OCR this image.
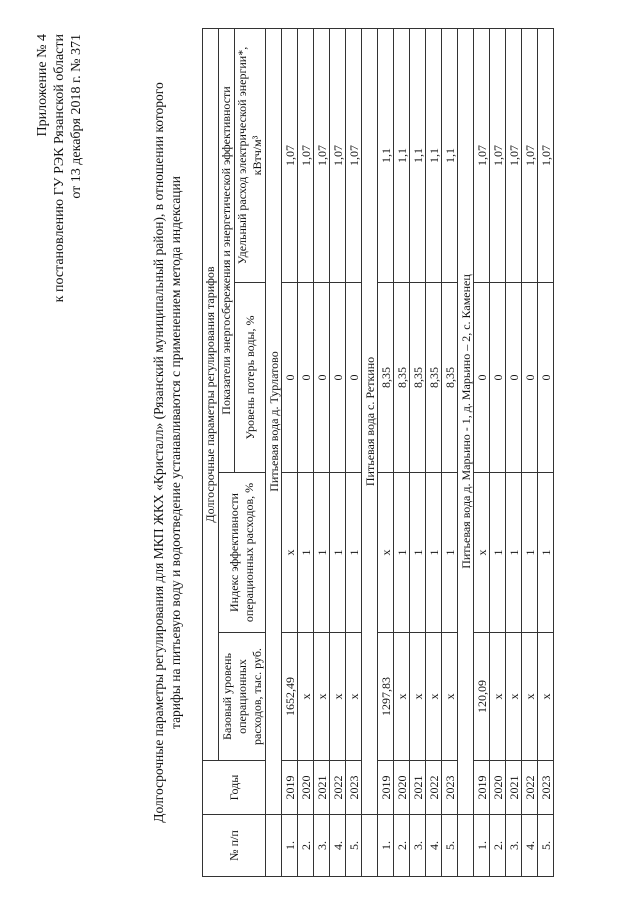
Приложение № 4 к постановлению ГУ РЭК Рязанской области от 13 декабря 2018 г. № 371	Долгосрочные параметры регулирования для МКП ЖКХ «Кристалл» (Рязанский муниципальный район), в отношении которого тарифы на питьевую воду и водоотведение устанавливаются с применением метода индексации
№ п/п	Годы	Долгосрочные параметры регулирования тарифов			
		Базовый уровень операционных расходов, тыс. руб.	Индекс эффективности операционных расходов, %	Показатели энергосбережения и энергетической эффективности	
				Уровень потерь воды, %	Удельный расход электрической энергии*, кВтч/м³
	Питьевая вода д. Турлатово				
1.	2019	1652,49	х	0	1,07
2.	2020	х	1	0	1,07
3.	2021	х	1	0	1,07
4.	2022	х	1	0	1,07
5.	2023	х	1	0	1,07
	Питьевая вода с. Реткино				
1.	2019	1297,83	х	8,35	1,1
2.	2020	х	1	8,35	1,1
3.	2021	х	1	8,35	1,1
4.	2022	х	1	8,35	1,1
5.	2023	х	1	8,35	1,1
	Питьевая вода д. Марьино - 1, д. Марьино – 2, с. Каменец				
1.	2019	120,09	х	0	1,07
2.	2020	х	1	0	1,07
3.	2021	х	1	0	1,07
4.	2022	х	1	0	1,07
5.	2023	х	1	0	1,07
